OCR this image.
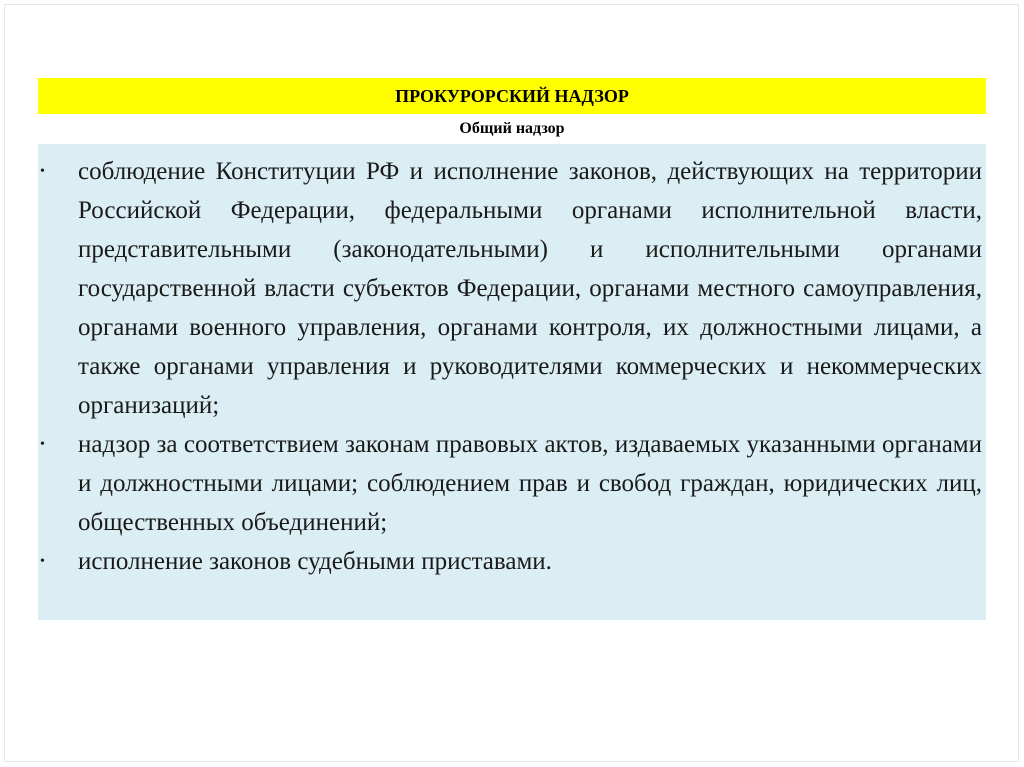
ПРОКУРОРСКИЙ НАДЗОР
Общий надзор
•	соблюдение Конституции РФ и исполнение законов, действующих на территории Российской Федерации, федеральными органами исполнительной власти, представительными (законодательными) и исполнительными органами государственной власти субъектов Федерации, органами местного самоуправления, органами военного управления, органами контроля, их должностными лицами, а также органами управления и руководителями коммерческих и некоммерческих организаций;
•	надзор за соответствием законам правовых актов, издаваемых указанными органами и должностными лицами; соблюдением прав и свобод граждан, юридических лиц, общественных объединений;
•	исполнение законов судебными приставами.
